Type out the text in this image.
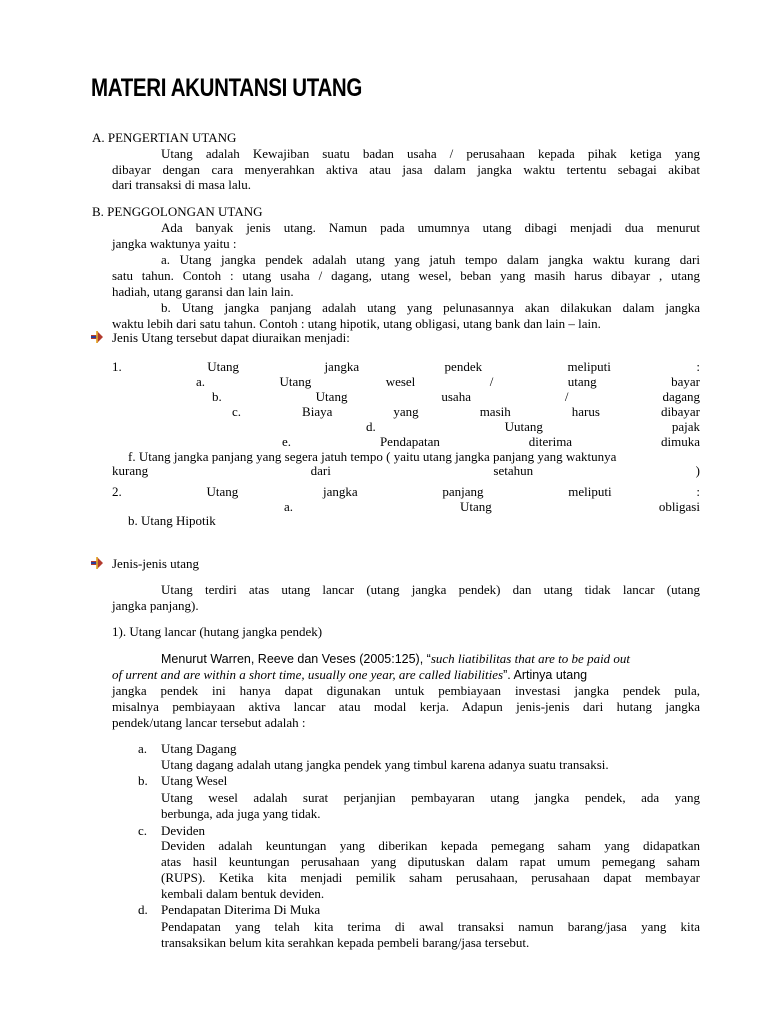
MATERI AKUNTANSI UTANG
A. PENGERTIAN UTANG
Utang adalah Kewajiban suatu badan usaha / perusahaan kepada pihak ketiga yang
dibayar dengan cara menyerahkan aktiva atau jasa dalam jangka waktu tertentu sebagai akibat
dari transaksi di masa lalu.
B. PENGGOLONGAN UTANG
Ada banyak jenis utang. Namun pada umumnya utang dibagi menjadi dua menurut
jangka waktunya yaitu :
a. Utang jangka pendek adalah utang yang jatuh tempo dalam jangka waktu kurang dari
satu tahun. Contoh : utang usaha / dagang, utang wesel, beban yang masih harus dibayar , utang
hadiah, utang garansi dan lain lain.
b. Utang jangka panjang adalah utang yang pelunasannya akan dilakukan dalam jangka
waktu lebih dari satu tahun. Contoh : utang hipotik, utang obligasi, utang bank dan lain – lain.
Jenis Utang tersebut dapat diuraikan menjadi:
1.	Utang	jangka	pendek	meliputi	:
a.	Utang	wesel	/	utang	bayar
b.	Utang	usaha	/	dagang
c.	Biaya	yang	masih	harus	dibayar
d.	Uutang	pajak
e.	Pendapatan	diterima	dimuka
f. Utang jangka panjang yang segera jatuh tempo ( yaitu utang jangka panjang yang waktunya
kurang	dari	setahun	)
2.	Utang	jangka	panjang	meliputi	:
a.	Utang	obligasi
b. Utang Hipotik
Jenis-jenis utang
Utang terdiri atas utang lancar (utang jangka pendek) dan utang tidak lancar (utang
jangka panjang).
1). Utang lancar (hutang jangka pendek)
Menurut Warren, Reeve dan Veses (2005:125), “such liatibilitas that are to be paid out
of urrent and are within a short time, usually one year, are called liabilities”. Artinya utang
jangka pendek ini hanya dapat digunakan untuk pembiayaan investasi jangka pendek pula,
misalnya pembiayaan aktiva lancar atau modal kerja. Adapun jenis-jenis dari hutang jangka
pendek/utang lancar tersebut adalah :
a. Utang Dagang
Utang dagang adalah utang jangka pendek yang timbul karena adanya suatu transaksi.
b. Utang Wesel
Utang wesel adalah surat perjanjian pembayaran utang jangka pendek, ada yang
berbunga, ada juga yang tidak.
c. Deviden
Deviden adalah keuntungan yang diberikan kepada pemegang saham yang didapatkan
atas hasil keuntungan perusahaan yang diputuskan dalam rapat umum pemegang saham
(RUPS). Ketika kita menjadi pemilik saham perusahaan, perusahaan dapat membayar
kembali dalam bentuk deviden.
d. Pendapatan Diterima Di Muka
Pendapatan yang telah kita terima di awal transaksi namun barang/jasa yang kita
transaksikan belum kita serahkan kepada pembeli barang/jasa tersebut.
